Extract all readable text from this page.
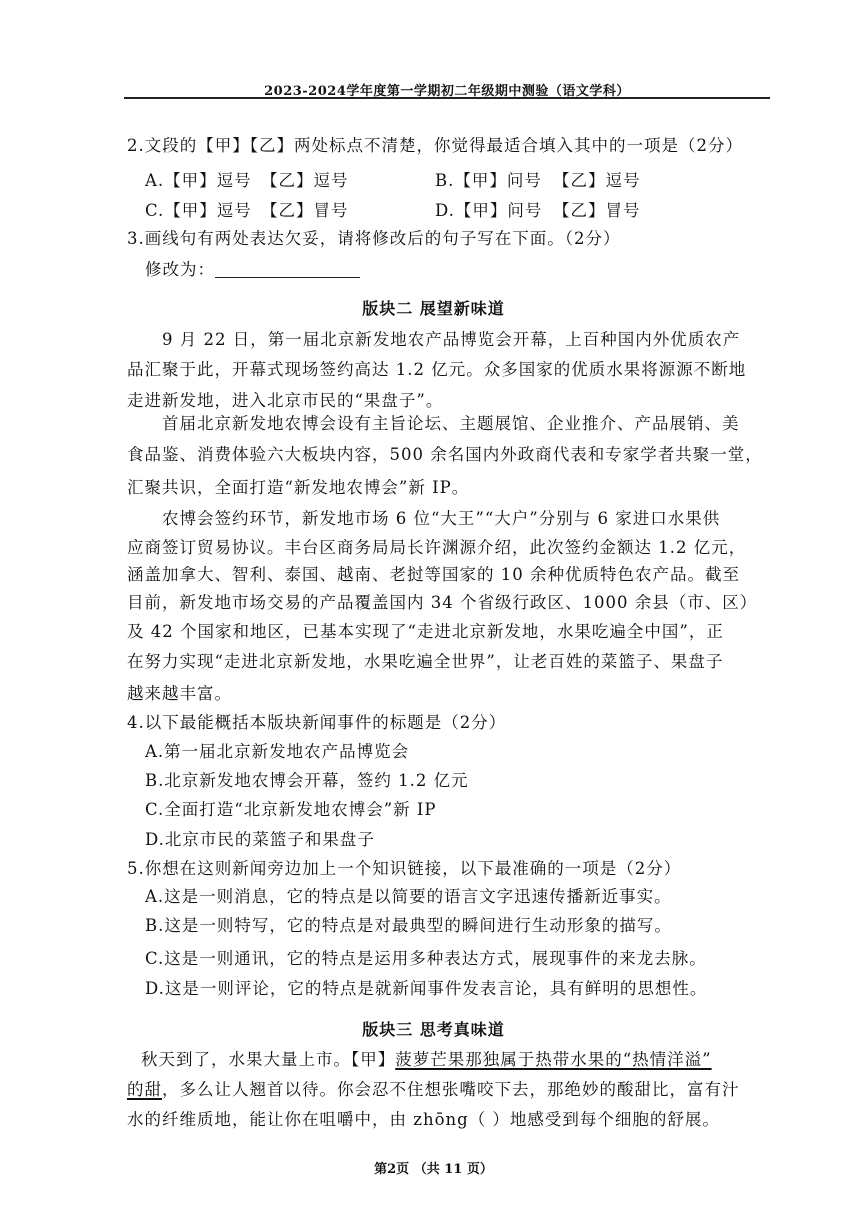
2023-2024学年度第一学期初二年级期中测验（语文学科）
2.文段的【甲】【乙】两处标点不清楚，你觉得最适合填入其中的一项是（2分）
A.【甲】逗号 【乙】逗号	B.【甲】问号 【乙】逗号
C.【甲】逗号 【乙】冒号	D.【甲】问号 【乙】冒号
3.画线句有两处表达欠妥，请将修改后的句子写在下面。（2分）
修改为：
版块二 展望新味道
9 月 22 日，第一届北京新发地农产品博览会开幕，上百种国内外优质农产
品汇聚于此，开幕式现场签约高达 1.2 亿元。众多国家的优质水果将源源不断地
走进新发地，进入北京市民的“果盘子”。
首届北京新发地农博会设有主旨论坛、主题展馆、企业推介、产品展销、美
食品鉴、消费体验六大板块内容，500 余名国内外政商代表和专家学者共聚一堂，
汇聚共识，全面打造“新发地农博会”新 IP。
农博会签约环节，新发地市场 6 位“大王”“大户”分别与 6 家进口水果供
应商签订贸易协议。丰台区商务局局长许渊源介绍，此次签约金额达 1.2 亿元，
涵盖加拿大、智利、泰国、越南、老挝等国家的 10 余种优质特色农产品。截至
目前，新发地市场交易的产品覆盖国内 34 个省级行政区、1000 余县（市、区）
及 42 个国家和地区，已基本实现了“走进北京新发地，水果吃遍全中国”，正
在努力实现“走进北京新发地，水果吃遍全世界”，让老百姓的菜篮子、果盘子
越来越丰富。
4.以下最能概括本版块新闻事件的标题是（2分）
A.第一届北京新发地农产品博览会
B.北京新发地农博会开幕，签约 1.2 亿元
C.全面打造“北京新发地农博会”新 IP
D.北京市民的菜篮子和果盘子
5.你想在这则新闻旁边加上一个知识链接，以下最准确的一项是（2分）
A.这是一则消息，它的特点是以简要的语言文字迅速传播新近事实。
B.这是一则特写，它的特点是对最典型的瞬间进行生动形象的描写。
C.这是一则通讯，它的特点是运用多种表达方式，展现事件的来龙去脉。
D.这是一则评论，它的特点是就新闻事件发表言论，具有鲜明的思想性。
版块三 思考真味道
秋天到了，水果大量上市。【甲】菠萝芒果那独属于热带水果的“热情洋溢”
的甜，多么让人翘首以待。你会忍不住想张嘴咬下去，那绝妙的酸甜比，富有汁
水的纤维质地，能让你在咀嚼中，由 zhōng（ ）地感受到每个细胞的舒展。
第2页 （共 11 页）
